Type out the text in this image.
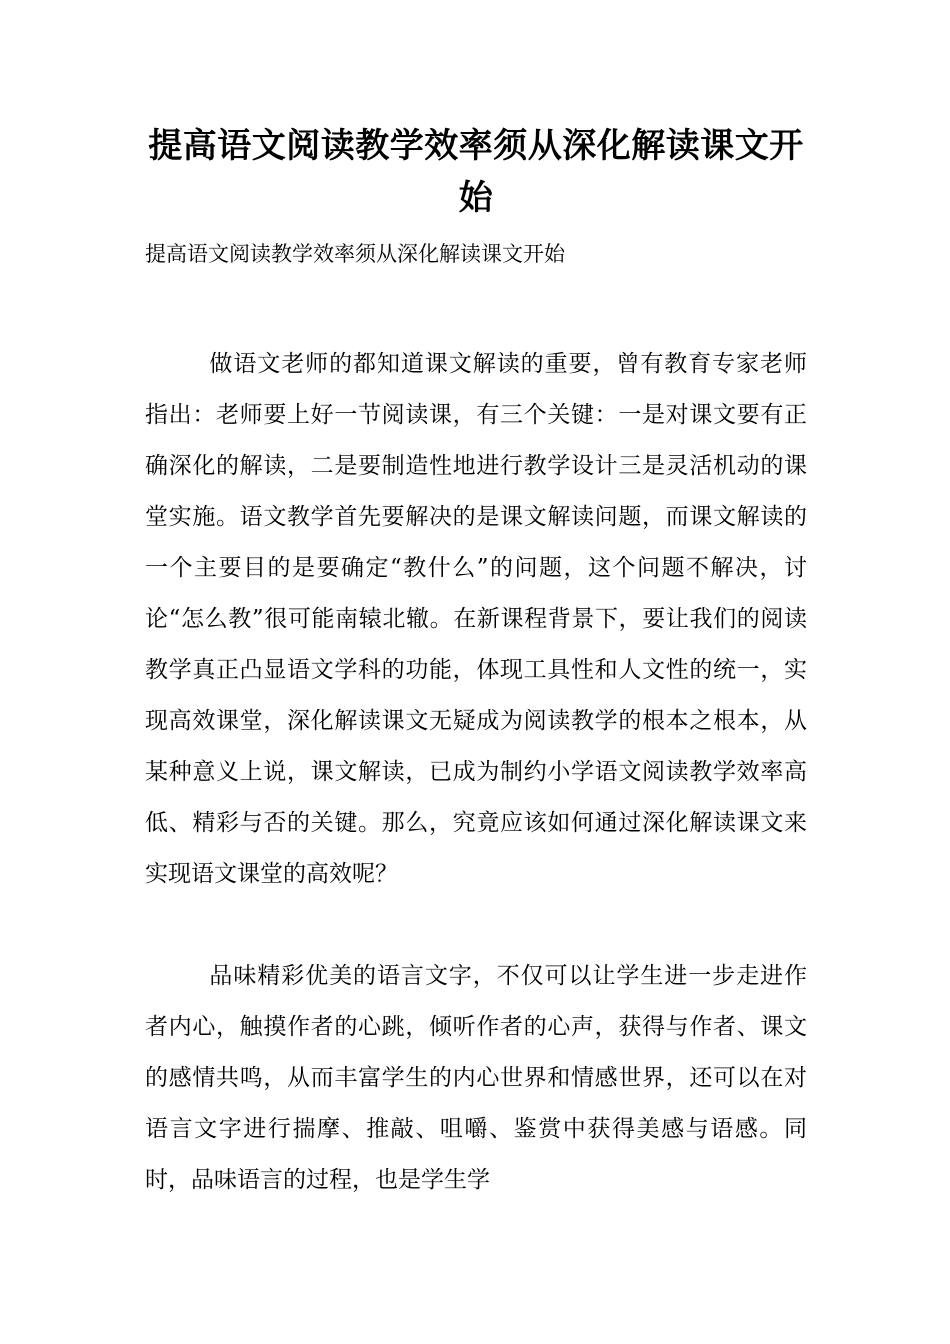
提高语文阅读教学效率须从深化解读课文开始

提高语文阅读教学效率须从深化解读课文开始

做语文老师的都知道课文解读的重要，曾有教育专家老师指出：老师要上好一节阅读课，有三个关键：一是对课文要有正确深化的解读，二是要制造性地进行教学设计三是灵活机动的课堂实施。语文教学首先要解决的是课文解读问题，而课文解读的一个主要目的是要确定“教什么”的问题，这个问题不解决，讨论“怎么教”很可能南辕北辙。在新课程背景下，要让我们的阅读教学真正凸显语文学科的功能，体现工具性和人文性的统一，实现高效课堂，深化解读课文无疑成为阅读教学的根本之根本，从某种意义上说，课文解读，已成为制约小学语文阅读教学效率高低、精彩与否的关键。那么，究竟应该如何通过深化解读课文来实现语文课堂的高效呢？

品味精彩优美的语言文字，不仅可以让学生进一步走进作者内心，触摸作者的心跳，倾听作者的心声，获得与作者、课文的感情共鸣，从而丰富学生的内心世界和情感世界，还可以在对语言文字进行揣摩、推敲、咀嚼、鉴赏中获得美感与语感。同时，品味语言的过程，也是学生学
